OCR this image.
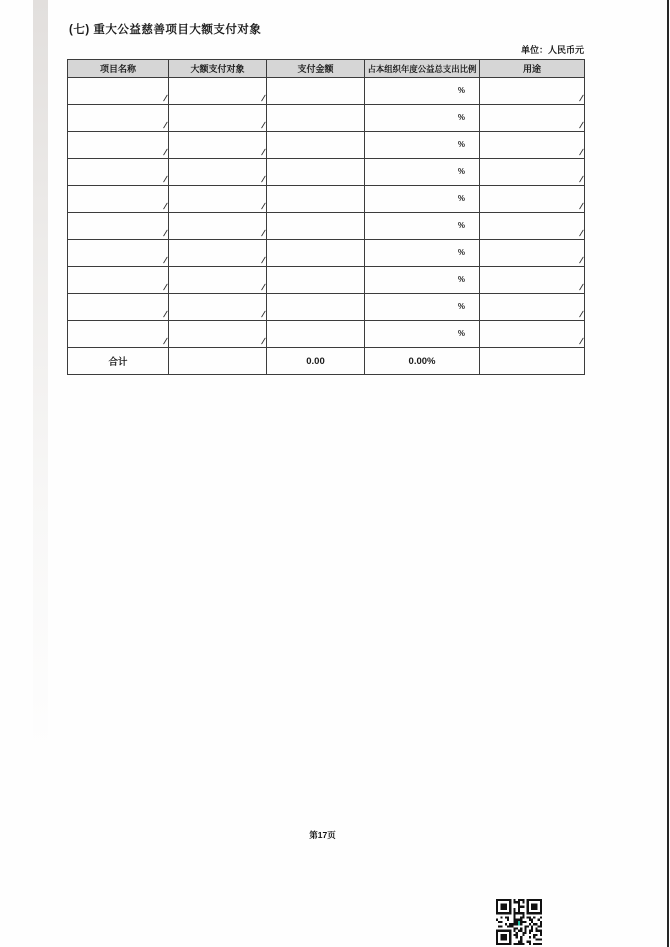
(七) 重大公益慈善项目大额支付对象
单位：人民币元
项目名称	大额支付对象	支付金额	占本组织年度公益总支出比例	用途

/	/		%	/

/	/		%	/

/	/		%	/

/	/		%	/

/	/		%	/

/	/		%	/

/	/		%	/

/	/		%	/

/	/		%	/

/	/		%	/

合计		0.00	0.00%	
第17页
